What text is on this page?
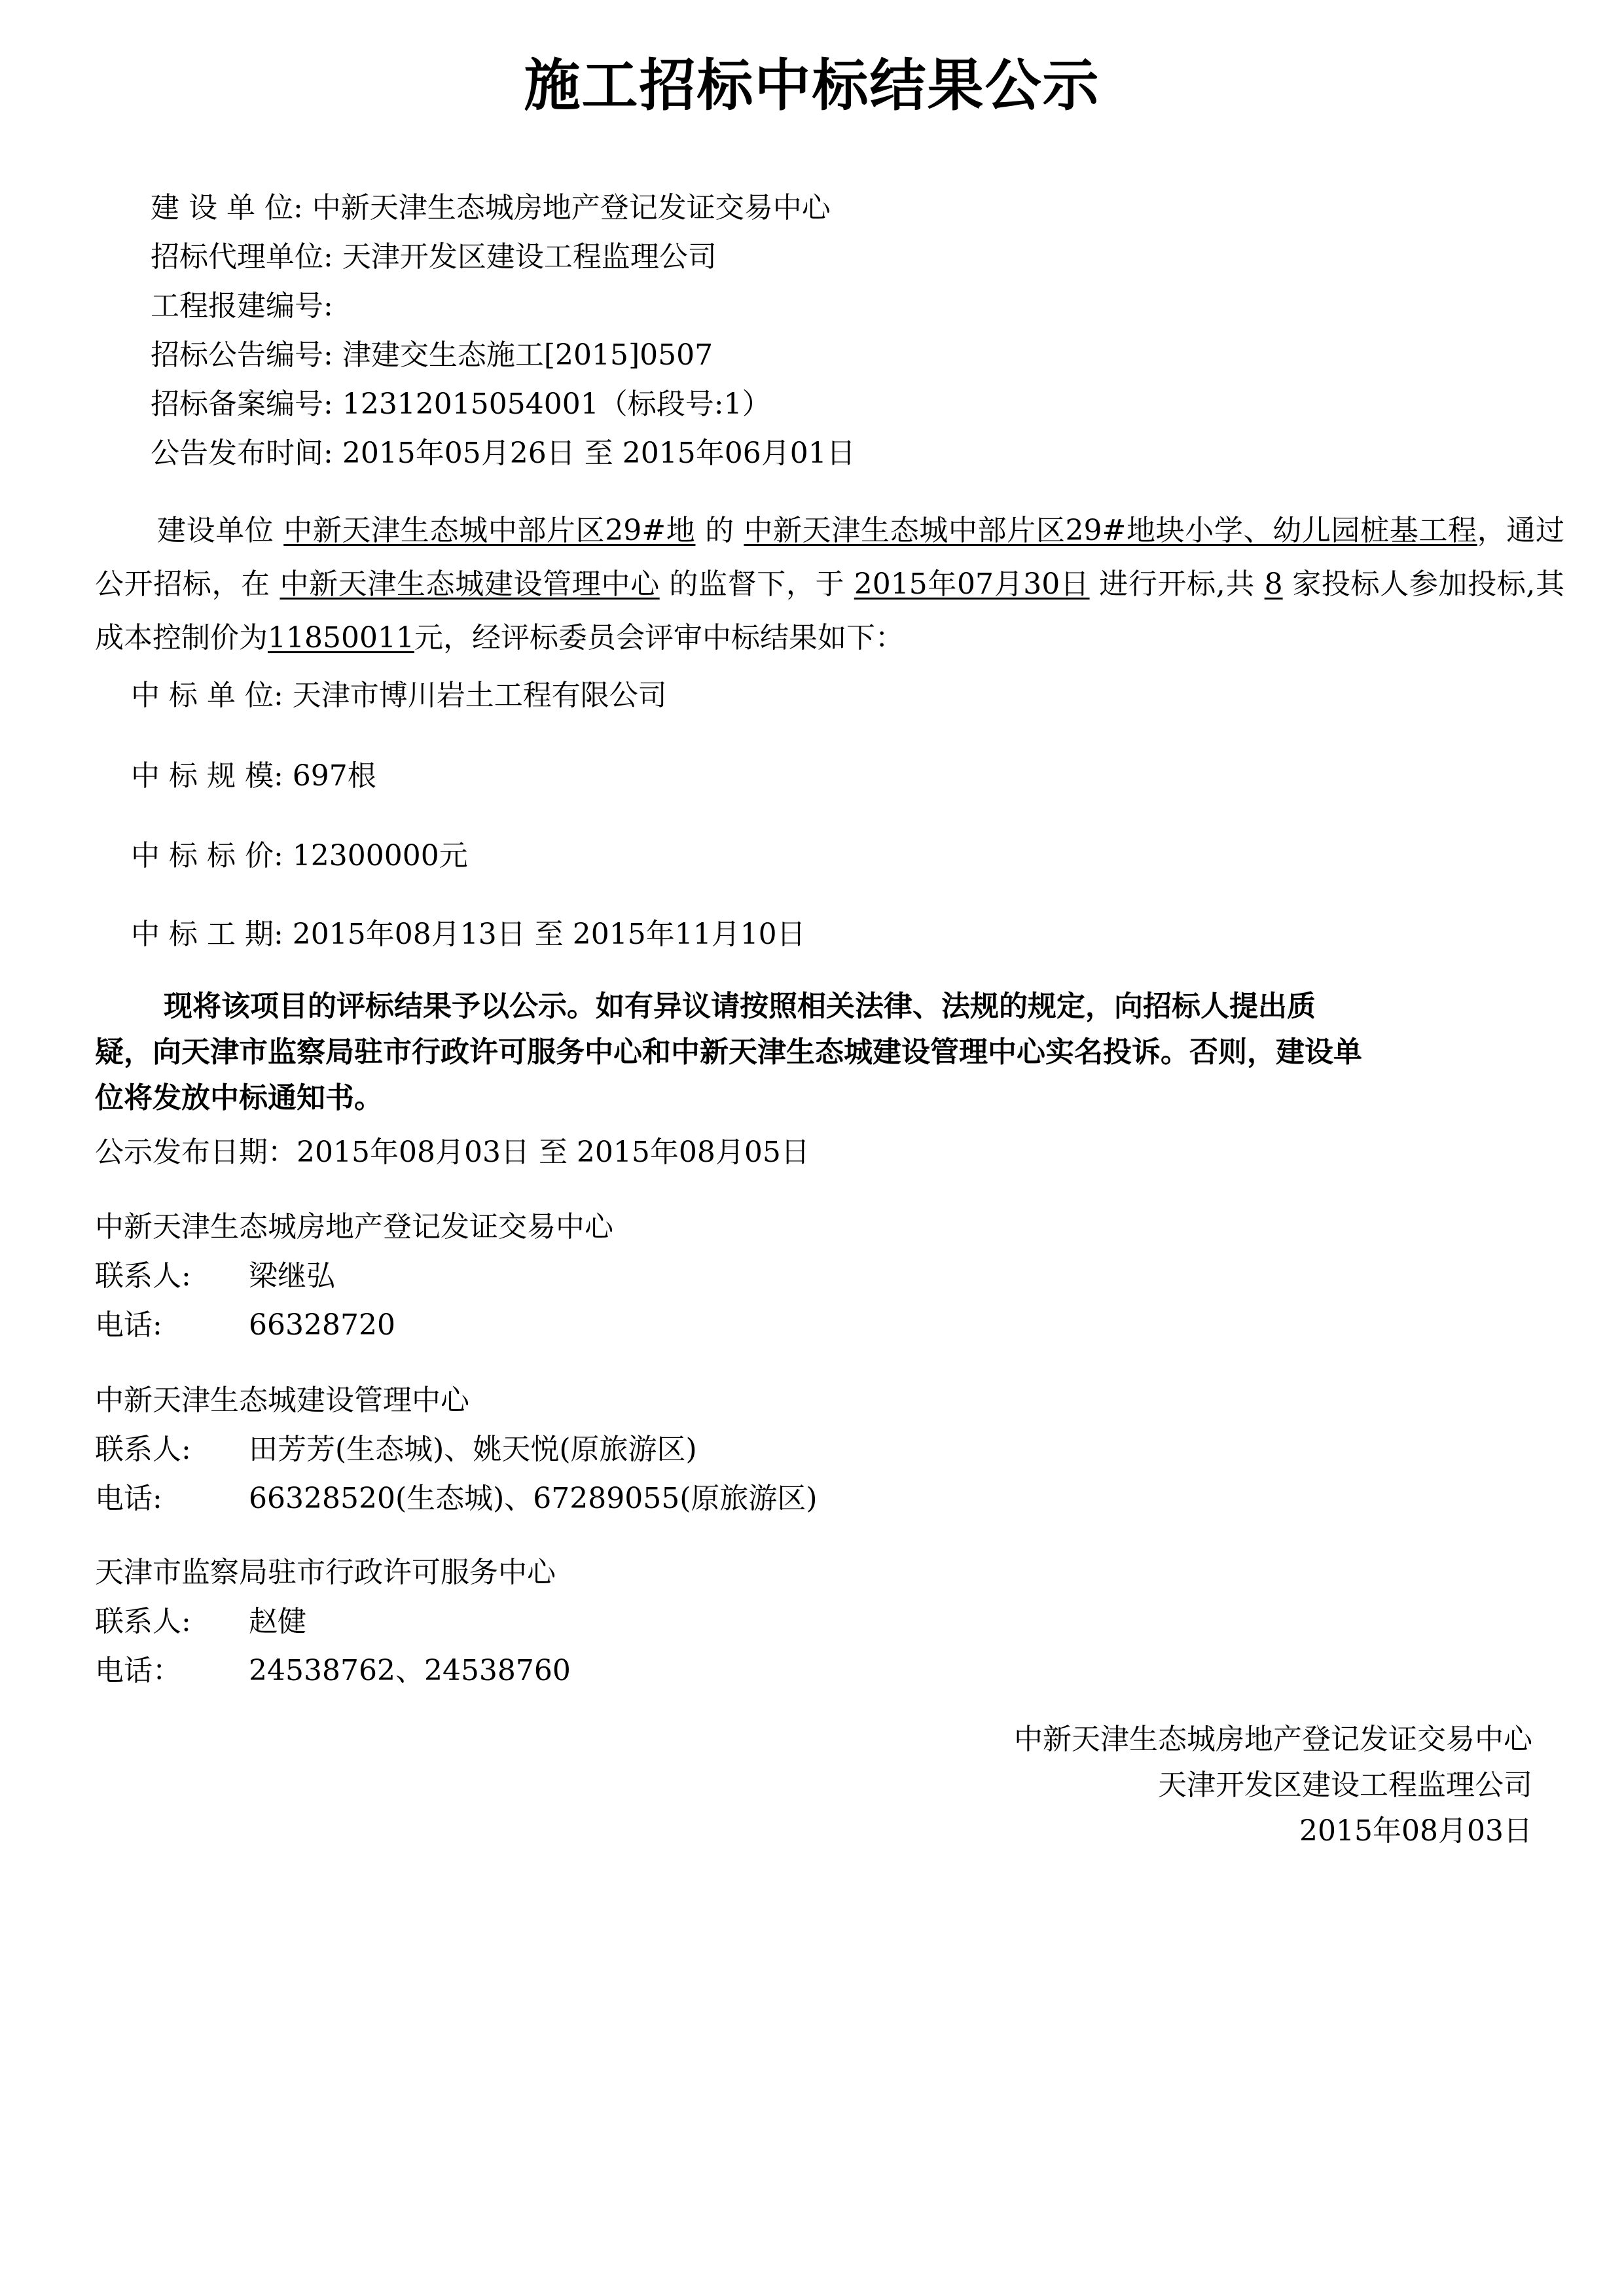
施工招标中标结果公示
建 设 单 位: 中新天津生态城房地产登记发证交易中心
招标代理单位: 天津开发区建设工程监理公司
工程报建编号:
招标公告编号: 津建交生态施工[2015]0507
招标备案编号: 12312015054001（标段号:1）
公告发布时间: 2015年05月26日 至 2015年06月01日
建设单位 中新天津生态城中部片区29#地 的 中新天津生态城中部片区29#地块小学、幼儿园桩基工程，通过公开招标，在 中新天津生态城建设管理中心 的监督下，于 2015年07月30日 进行开标,共 8 家投标人参加投标,其成本控制价为11850011元，经评标委员会评审中标结果如下：
中 标 单 位: 天津市博川岩土工程有限公司
中 标 规 模: 697根
中 标 标 价: 12300000元
中 标 工 期: 2015年08月13日 至 2015年11月10日
现将该项目的评标结果予以公示。如有异议请按照相关法律、法规的规定，向招标人提出质
疑，向天津市监察局驻市行政许可服务中心和中新天津生态城建设管理中心实名投诉。否则，建设单
位将发放中标通知书。
公示发布日期：2015年08月03日 至 2015年08月05日
中新天津生态城房地产登记发证交易中心
联系人: 梁继弘
电话:	66328720
中新天津生态城建设管理中心
联系人: 田芳芳(生态城)、姚天悦(原旅游区)
电话:	66328520(生态城)、67289055(原旅游区)
天津市监察局驻市行政许可服务中心
联系人: 赵健
电话： 24538762、24538760
中新天津生态城房地产登记发证交易中心
天津开发区建设工程监理公司
2015年08月03日
